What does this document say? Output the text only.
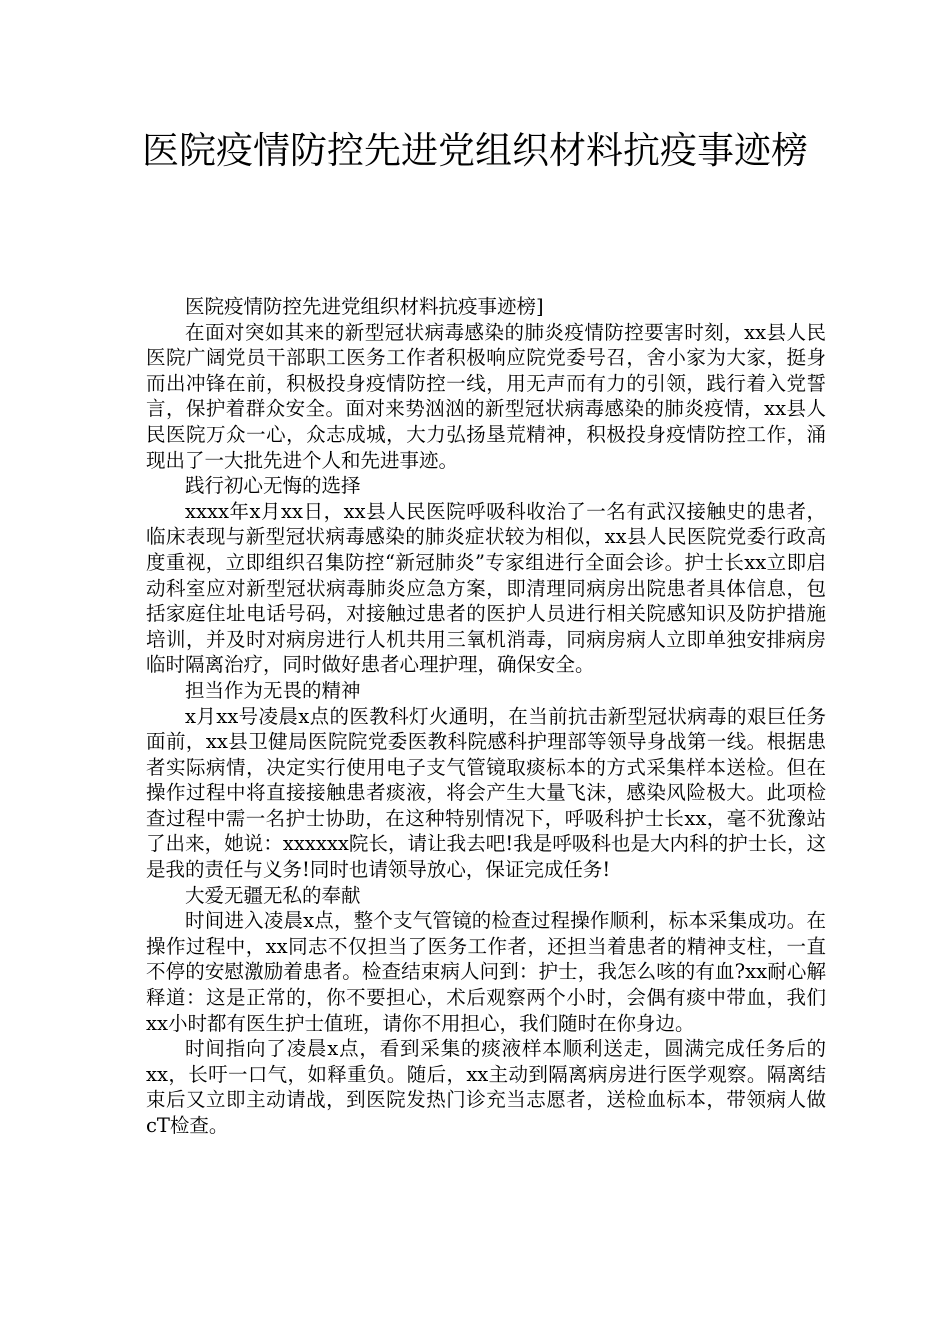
医院疫情防控先进党组织材料抗疫事迹榜

医院疫情防控先进党组织材料抗疫事迹榜]

在面对突如其来的新型冠状病毒感染的肺炎疫情防控要害时刻，xx县人民医院广阔党员干部职工医务工作者积极响应院党委号召，舍小家为大家，挺身而出冲锋在前，积极投身疫情防控一线，用无声而有力的引领，践行着入党誓言，保护着群众安全。面对来势汹汹的新型冠状病毒感染的肺炎疫情，xx县人民医院万众一心，众志成城，大力弘扬垦荒精神，积极投身疫情防控工作，涌现出了一大批先进个人和先进事迹。

践行初心无悔的选择

xxxx年x月xx日，xx县人民医院呼吸科收治了一名有武汉接触史的患者，临床表现与新型冠状病毒感染的肺炎症状较为相似，xx县人民医院党委行政高度重视，立即组织召集防控“新冠肺炎”专家组进行全面会诊。护士长xx立即启动科室应对新型冠状病毒肺炎应急方案，即清理同病房出院患者具体信息，包括家庭住址电话号码，对接触过患者的医护人员进行相关院感知识及防护措施培训，并及时对病房进行人机共用三氧机消毒，同病房病人立即单独安排病房临时隔离治疗，同时做好患者心理护理，确保安全。

担当作为无畏的精神

x月xx号凌晨x点的医教科灯火通明，在当前抗击新型冠状病毒的艰巨任务面前，xx县卫健局医院院党委医教科院感科护理部等领导身战第一线。根据患者实际病情，决定实行使用电子支气管镜取痰标本的方式采集样本送检。但在操作过程中将直接接触患者痰液，将会产生大量飞沫，感染风险极大。此项检查过程中需一名护士协助，在这种特别情况下，呼吸科护士长xx，毫不犹豫站了出来，她说：xxxxxx院长，请让我去吧!我是呼吸科也是大内科的护士长，这是我的责任与义务!同时也请领导放心，保证完成任务!

大爱无疆无私的奉献

时间进入凌晨x点，整个支气管镜的检查过程操作顺利，标本采集成功。在操作过程中，xx同志不仅担当了医务工作者，还担当着患者的精神支柱，一直不停的安慰激励着患者。检查结束病人问到：护士，我怎么咳的有血?xx耐心解释道：这是正常的，你不要担心，术后观察两个小时，会偶有痰中带血，我们xx小时都有医生护士值班，请你不用担心，我们随时在你身边。

时间指向了凌晨x点，看到采集的痰液样本顺利送走，圆满完成任务后的xx，长吁一口气，如释重负。随后，xx主动到隔离病房进行医学观察。隔离结束后又立即主动请战，到医院发热门诊充当志愿者，送检血标本，带领病人做cT检查。
